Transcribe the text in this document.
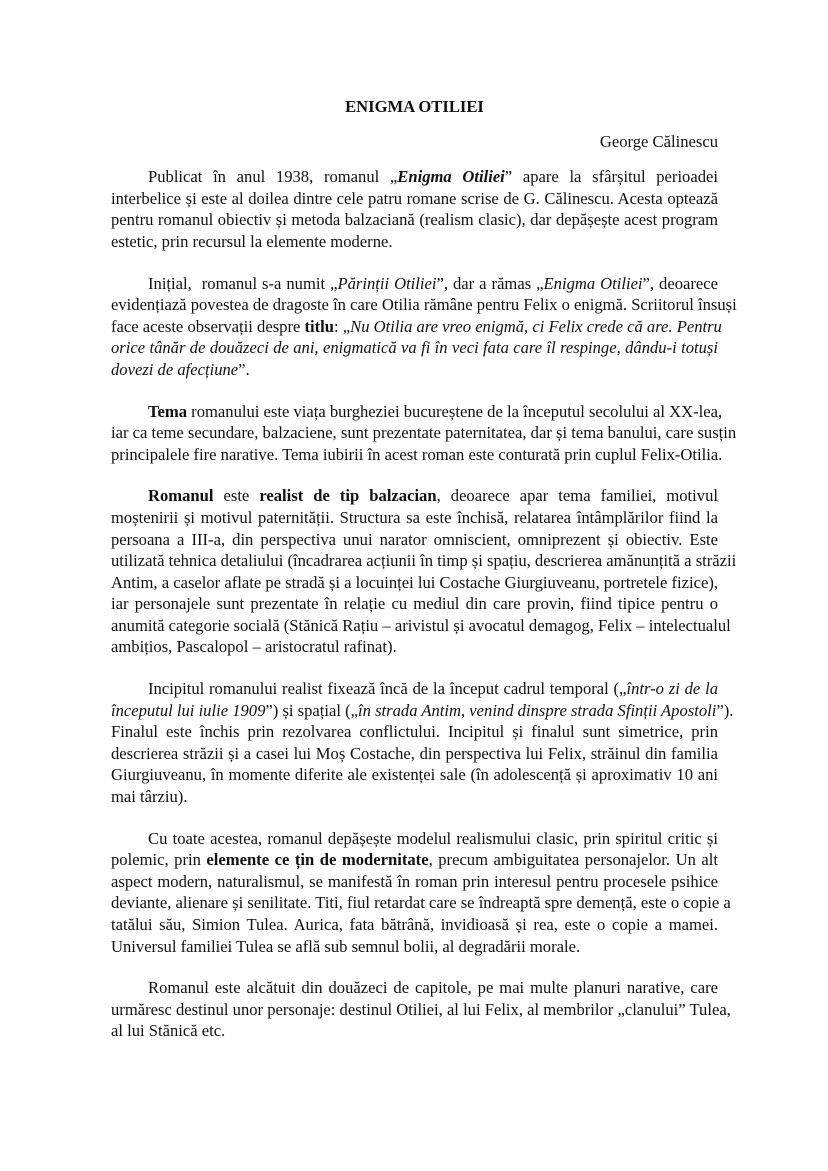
ENIGMA OTILIEI
George Călinescu
Publicat în anul 1938, romanul „Enigma Otiliei” apare la sfârșitul perioadei
interbelice și este al doilea dintre cele patru romane scrise de G. Călinescu. Acesta optează
pentru romanul obiectiv și metoda balzaciană (realism clasic), dar depășește acest program
estetic, prin recursul la elemente moderne.
Inițial,  romanul s-a numit „Părinții Otiliei”, dar a rămas „Enigma Otiliei”, deoarece
evidențiază povestea de dragoste în care Otilia rămâne pentru Felix o enigmă. Scriitorul însuși
face aceste observații despre titlu: „Nu Otilia are vreo enigmă, ci Felix crede că are. Pentru
orice tânăr de douăzeci de ani, enigmatică va fi în veci fata care îl respinge, dându-i totuși
dovezi de afecțiune”.
Tema romanului este viața burgheziei bucureștene de la începutul secolului al XX-lea,
iar ca teme secundare, balzaciene, sunt prezentate paternitatea, dar și tema banului, care susțin
principalele fire narative. Tema iubirii în acest roman este conturată prin cuplul Felix-Otilia.
Romanul este realist de tip balzacian, deoarece apar tema familiei, motivul
moștenirii și motivul paternității. Structura sa este închisă, relatarea întâmplărilor fiind la
persoana a III-a, din perspectiva unui narator omniscient, omniprezent și obiectiv. Este
utilizată tehnica detaliului (încadrarea acțiunii în timp și spațiu, descrierea amănunțită a străzii
Antim, a caselor aflate pe stradă și a locuinței lui Costache Giurgiuveanu, portretele fizice),
iar personajele sunt prezentate în relație cu mediul din care provin, fiind tipice pentru o
anumită categorie socială (Stănică Rațiu – arivistul și avocatul demagog, Felix – intelectualul
ambițios, Pascalopol – aristocratul rafinat).
Incipitul romanului realist fixează încă de la început cadrul temporal („într-o zi de la
începutul lui iulie 1909”) și spațial („în strada Antim, venind dinspre strada Sfinții Apostoli”).
Finalul este închis prin rezolvarea conflictului. Incipitul și finalul sunt simetrice, prin
descrierea străzii și a casei lui Moș Costache, din perspectiva lui Felix, străinul din familia
Giurgiuveanu, în momente diferite ale existenței sale (în adolescență și aproximativ 10 ani
mai târziu).
Cu toate acestea, romanul depășește modelul realismului clasic, prin spiritul critic și
polemic, prin elemente ce țin de modernitate, precum ambiguitatea personajelor. Un alt
aspect modern, naturalismul, se manifestă în roman prin interesul pentru procesele psihice
deviante, alienare și senilitate. Titi, fiul retardat care se îndreaptă spre demență, este o copie a
tatălui său, Simion Tulea. Aurica, fata bătrână, invidioasă și rea, este o copie a mamei.
Universul familiei Tulea se află sub semnul bolii, al degradării morale.
Romanul este alcătuit din douăzeci de capitole, pe mai multe planuri narative, care
urmăresc destinul unor personaje: destinul Otiliei, al lui Felix, al membrilor „clanului” Tulea,
al lui Stănică etc.
